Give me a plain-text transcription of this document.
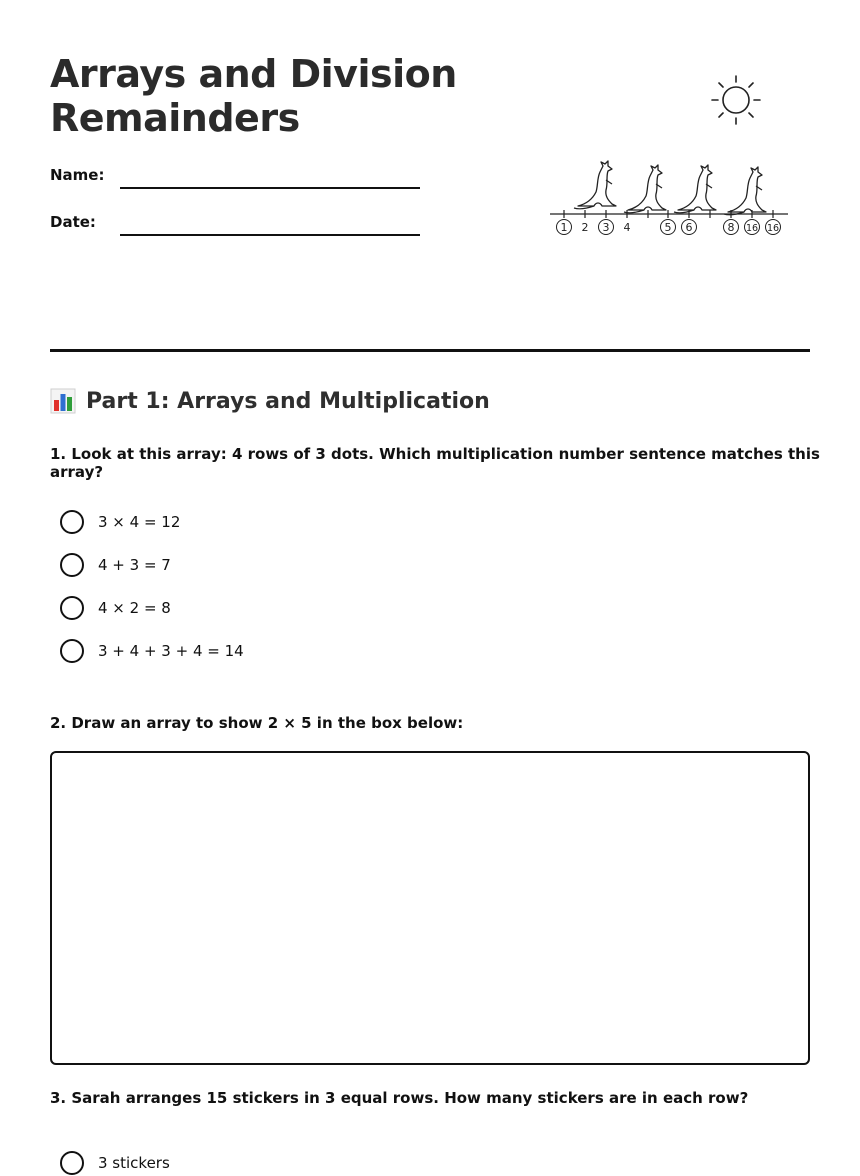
Arrays and Division Remainders
Name:
Date:	1 2 3 4	5 6	8 16 16
Part 1: Arrays and Multiplication

1. Look at this array: 4 rows of 3 dots. Which multiplication number sentence matches this array?

3 × 4 = 12
4 + 3 = 7
4 × 2 = 8
3 + 4 + 3 + 4 = 14

2. Draw an array to show 2 × 5 in the box below:

3. Sarah arranges 15 stickers in 3 equal rows. How many stickers are in each row?

3 stickers
